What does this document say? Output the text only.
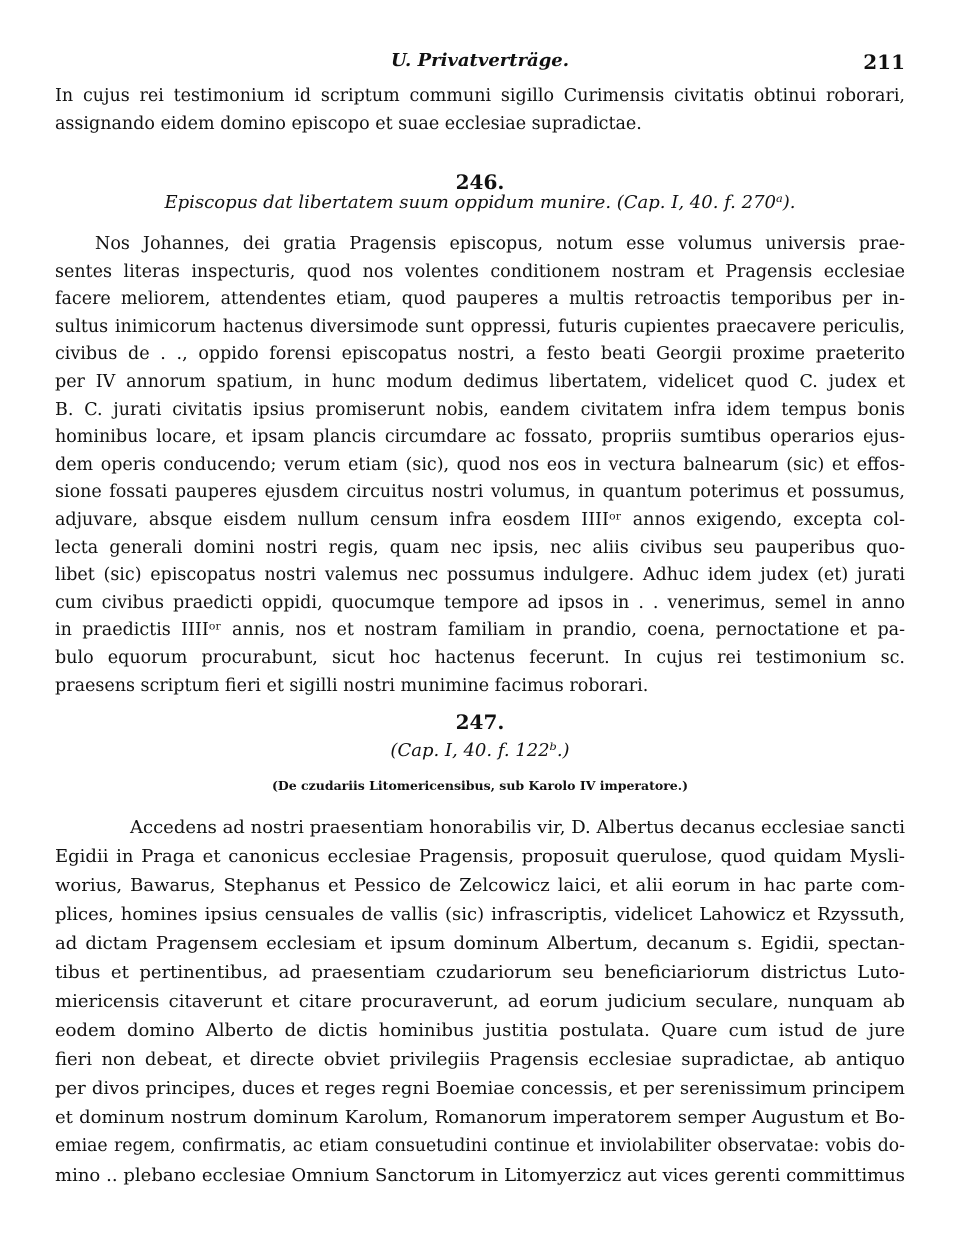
U. Privatverträge.	211
In cujus rei testimonium id scriptum communi sigillo Curimensis civitatis obtinui roborari,
assignando eidem domino episcopo et suae ecclesiae supradictae.
246.
Episcopus dat libertatem suum oppidum munire. (Cap. I, 40. f. 270ᵃ).
Nos Johannes, dei gratia Pragensis episcopus, notum esse volumus universis prae-
sentes literas inspecturis, quod nos volentes conditionem nostram et Pragensis ecclesiae
facere meliorem, attendentes etiam, quod pauperes a multis retroactis temporibus per in-
sultus inimicorum hactenus diversimode sunt oppressi, futuris cupientes praecavere periculis,
civibus de . ., oppido forensi episcopatus nostri, a festo beati Georgii proxime praeterito
per IV annorum spatium, in hunc modum dedimus libertatem, videlicet quod C. judex et
B. C. jurati civitatis ipsius promiserunt nobis, eandem civitatem infra idem tempus bonis
hominibus locare, et ipsam plancis circumdare ac fossato, propriis sumtibus operarios ejus-
dem operis conducendo; verum etiam (sic), quod nos eos in vectura balnearum (sic) et effos-
sione fossati pauperes ejusdem circuitus nostri volumus, in quantum poterimus et possumus,
adjuvare, absque eisdem nullum censum infra eosdem IIIIᵒʳ annos exigendo, excepta col-
lecta generali domini nostri regis, quam nec ipsis, nec aliis civibus seu pauperibus quo-
libet (sic) episcopatus nostri valemus nec possumus indulgere. Adhuc idem judex (et) jurati
cum civibus praedicti oppidi, quocumque tempore ad ipsos in . . venerimus, semel in anno
in praedictis IIIIᵒʳ annis, nos et nostram familiam in prandio, coena, pernoctatione et pa-
bulo equorum procurabunt, sicut hoc hactenus fecerunt. In cujus rei testimonium sc.
praesens scriptum fieri et sigilli nostri munimine facimus roborari.
247.
(Cap. I, 40. f. 122ᵇ.)
(De czudariis Litomericensibus, sub Karolo IV imperatore.)
Accedens ad nostri praesentiam honorabilis vir, D. Albertus decanus ecclesiae sancti
Egidii in Praga et canonicus ecclesiae Pragensis, proposuit querulose, quod quidam Mysli-
worius, Bawarus, Stephanus et Pessico de Zelcowicz laici, et alii eorum in hac parte com-
plices, homines ipsius censuales de vallis (sic) infrascriptis, videlicet Lahowicz et Rzyssuth,
ad dictam Pragensem ecclesiam et ipsum dominum Albertum, decanum s. Egidii, spectan-
tibus et pertinentibus, ad praesentiam czudariorum seu beneficiariorum districtus Luto-
miericensis citaverunt et citare procuraverunt, ad eorum judicium seculare, nunquam ab
eodem domino Alberto de dictis hominibus justitia postulata. Quare cum istud de jure
fieri non debeat, et directe obviet privilegiis Pragensis ecclesiae supradictae, ab antiquo
per divos principes, duces et reges regni Boemiae concessis, et per serenissimum principem
et dominum nostrum dominum Karolum, Romanorum imperatorem semper Augustum et Bo-
emiae regem, confirmatis, ac etiam consuetudini continue et inviolabiliter observatae: vobis do-
mino .. plebano ecclesiae Omnium Sanctorum in Litomyerzicz aut vices gerenti committimus
